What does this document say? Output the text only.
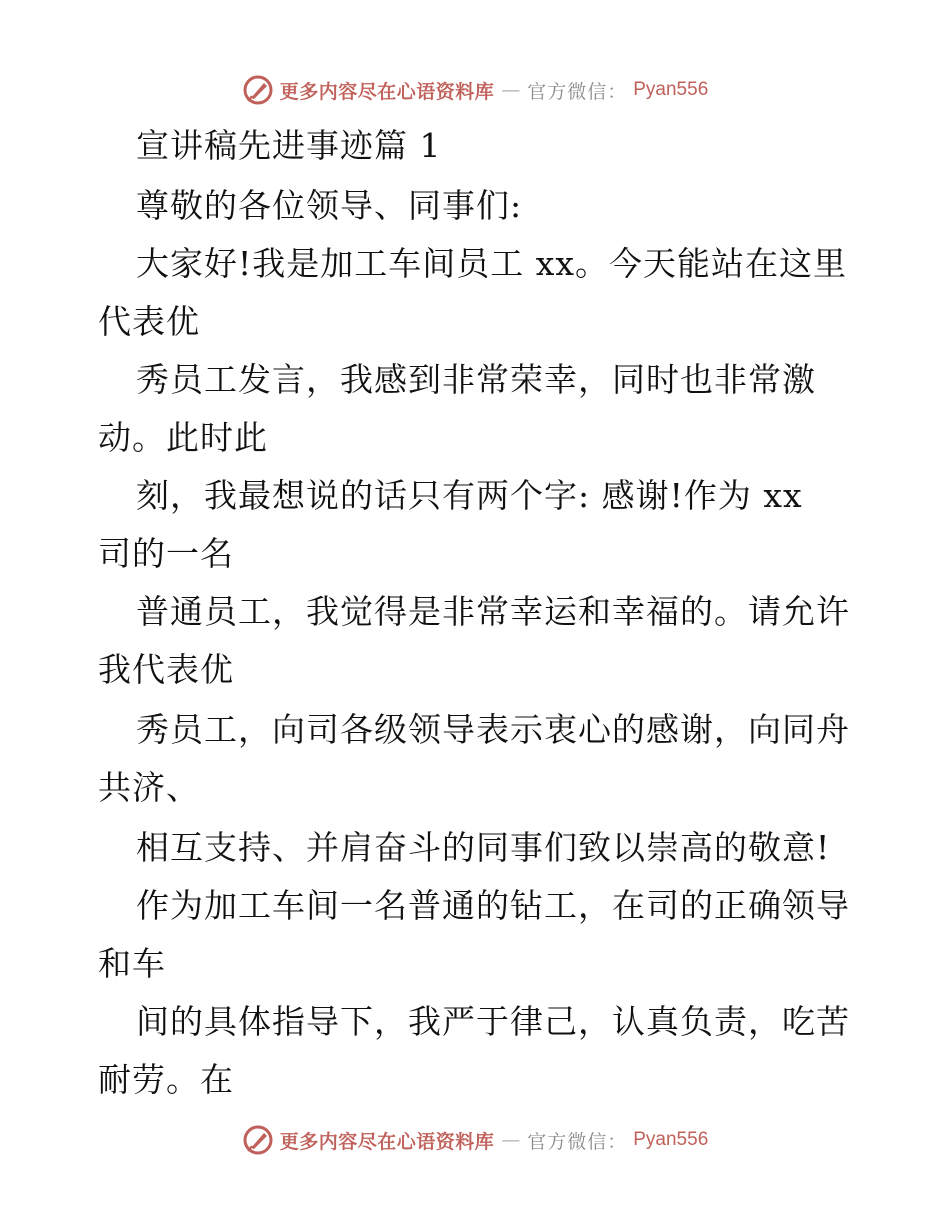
更多内容尽在心语资料库 — 官方微信： Pyan556
宣讲稿先进事迹篇 1
尊敬的各位领导、同事们:
大家好!我是加工车间员工 xx。今天能站在这里
代表优
秀员工发言，我感到非常荣幸，同时也非常激
动。此时此
刻，我最想说的话只有两个字: 感谢!作为 xx
司的一名
普通员工，我觉得是非常幸运和幸福的。请允许
我代表优
秀员工，向司各级领导表示衷心的感谢，向同舟
共济、
相互支持、并肩奋斗的同事们致以崇高的敬意!
作为加工车间一名普通的钻工，在司的正确领导
和车
间的具体指导下，我严于律己，认真负责，吃苦
耐劳。在
更多内容尽在心语资料库 — 官方微信： Pyan556
